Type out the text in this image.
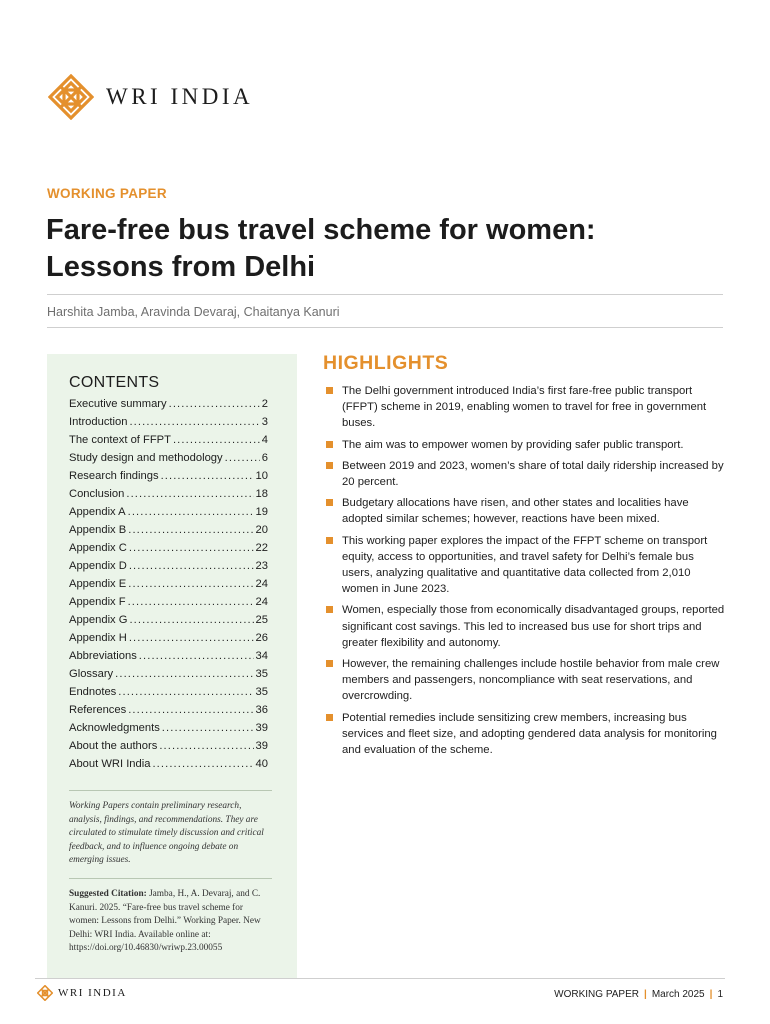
WRI INDIA
WORKING PAPER
Fare-free bus travel scheme for women:
Lessons from Delhi
Harshita Jamba, Aravinda Devaraj, Chaitanya Kanuri
CONTENTS
Executive summary . . .	2
Introduction . . .	3
The context of FFPT . . .	4
Study design and methodology . . .	6
Research findings . . .	10
Conclusion . . .	18
Appendix A . . .	19
Appendix B . . .	20
Appendix C . . .	22
Appendix D . . .	23
Appendix E . . .	24
Appendix F . . .	24
Appendix G . . .	25
Appendix H . . .	26
Abbreviations . . .	34
Glossary . . .	35
Endnotes . . .	35
References . . .	36
Acknowledgments . . .	39
About the authors . . .	39
About WRI India . . .	40

Working Papers contain preliminary research, analysis, findings, and recommendations. They are circulated to stimulate timely discussion and critical feedback, and to influence ongoing debate on emerging issues.

Suggested Citation: Jamba, H., A. Devaraj, and C. Kanuri. 2025. “Fare-free bus travel scheme for women: Lessons from Delhi.” Working Paper. New Delhi: WRI India. Available online at: https://doi.org/10.46830/wriwp.23.00055

HIGHLIGHTS
The Delhi government introduced India’s first fare-free public transport (FFPT) scheme in 2019, enabling women to travel for free in government buses.
The aim was to empower women by providing safer public transport.
Between 2019 and 2023, women’s share of total daily ridership increased by 20 percent.
Budgetary allocations have risen, and other states and localities have adopted similar schemes; however, reactions have been mixed.
This working paper explores the impact of the FFPT scheme on transport equity, access to opportunities, and travel safety for Delhi’s female bus users, analyzing qualitative and quantitative data collected from 2,010 women in June 2023.
Women, especially those from economically disadvantaged groups, reported significant cost savings. This led to increased bus use for short trips and greater flexibility and autonomy.
However, the remaining challenges include hostile behavior from male crew members and passengers, noncompliance with seat reservations, and overcrowding.
Potential remedies include sensitizing crew members, increasing bus services and fleet size, and adopting gendered data analysis for monitoring and evaluation of the scheme.
WRI INDIA	WORKING PAPER | March 2025 | 1
